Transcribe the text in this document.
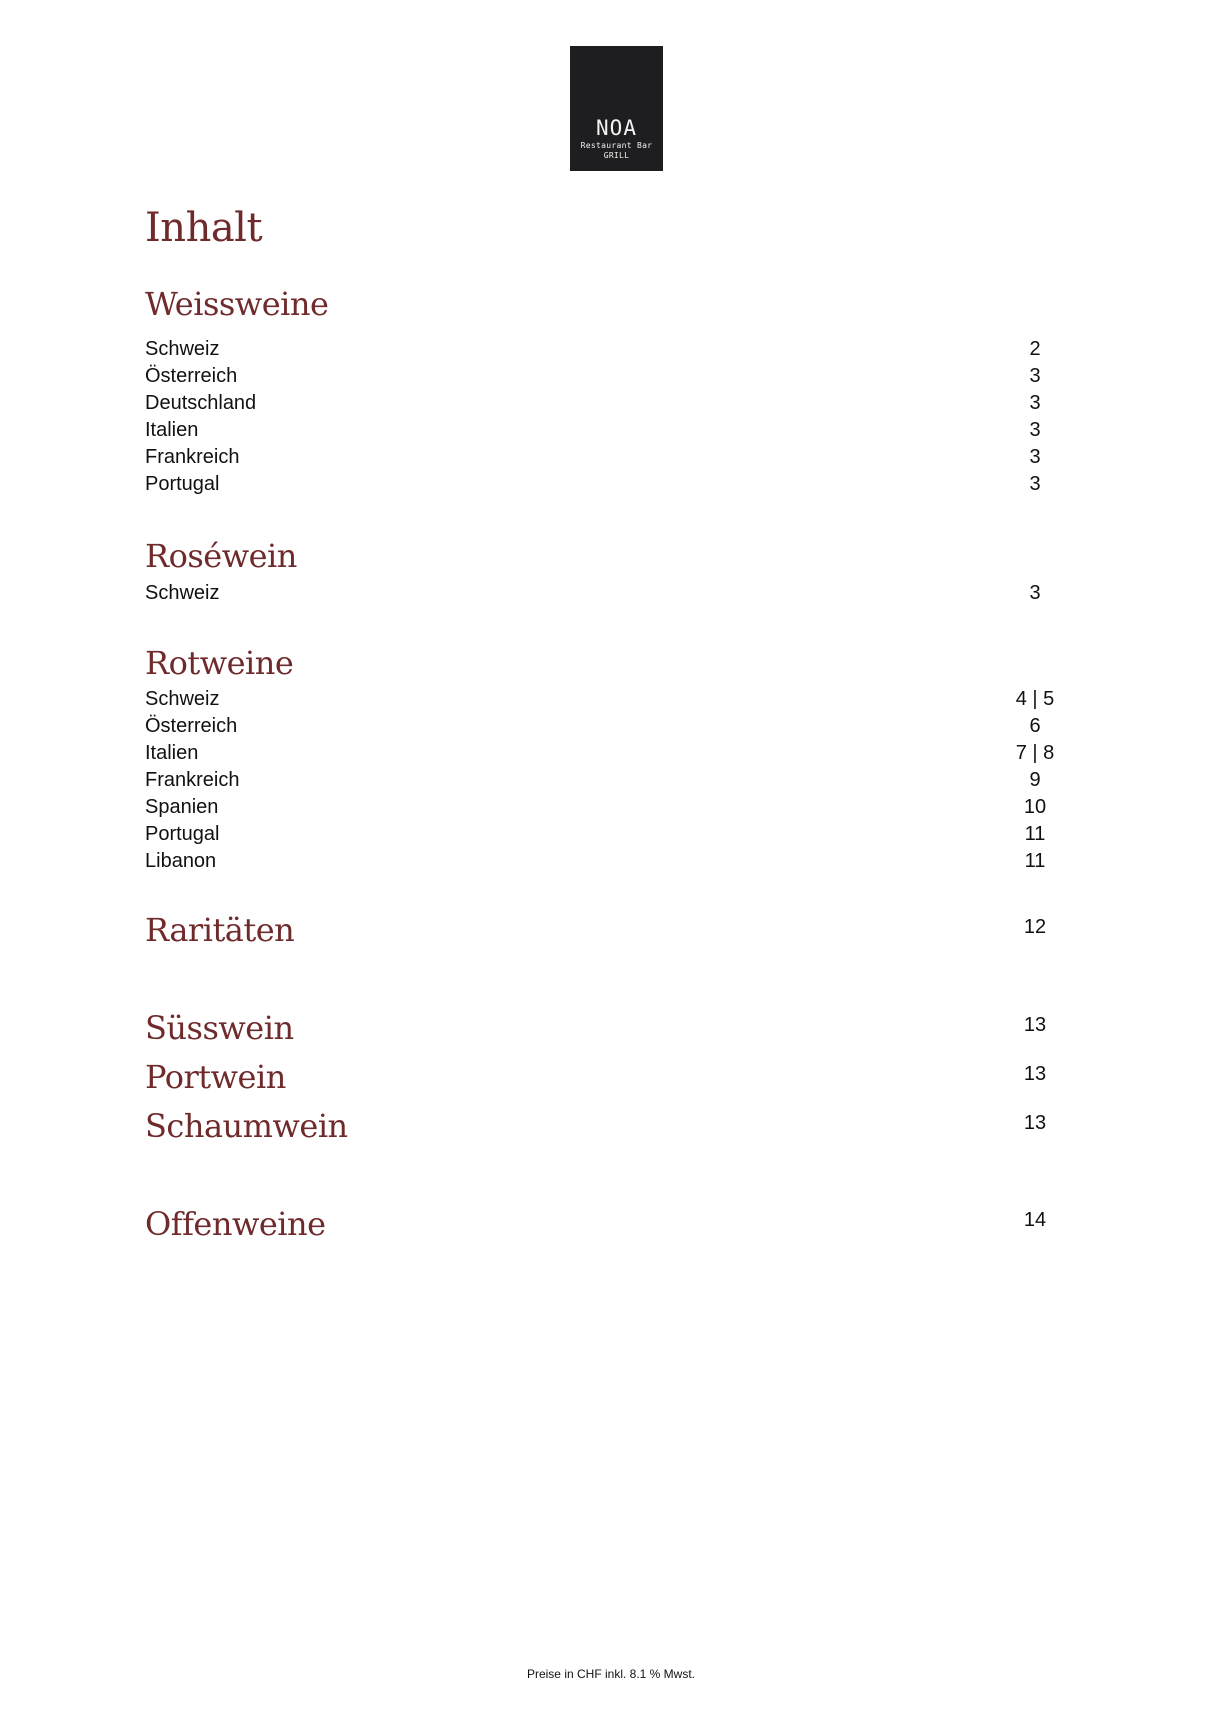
NOA
Restaurant Bar
GRILL
Inhalt
Weissweine
Schweiz	2
Österreich	3
Deutschland	3
Italien	3
Frankreich	3
Portugal	3
Roséwein
Schweiz	3
Rotweine
Schweiz	4 | 5
Österreich	6
Italien	7 | 8
Frankreich	9
Spanien	10
Portugal	11
Libanon	11
Raritäten	12
Süsswein	13
Portwein	13
Schaumwein	13
Offenweine	14
Preise in CHF inkl. 8.1 % Mwst.
